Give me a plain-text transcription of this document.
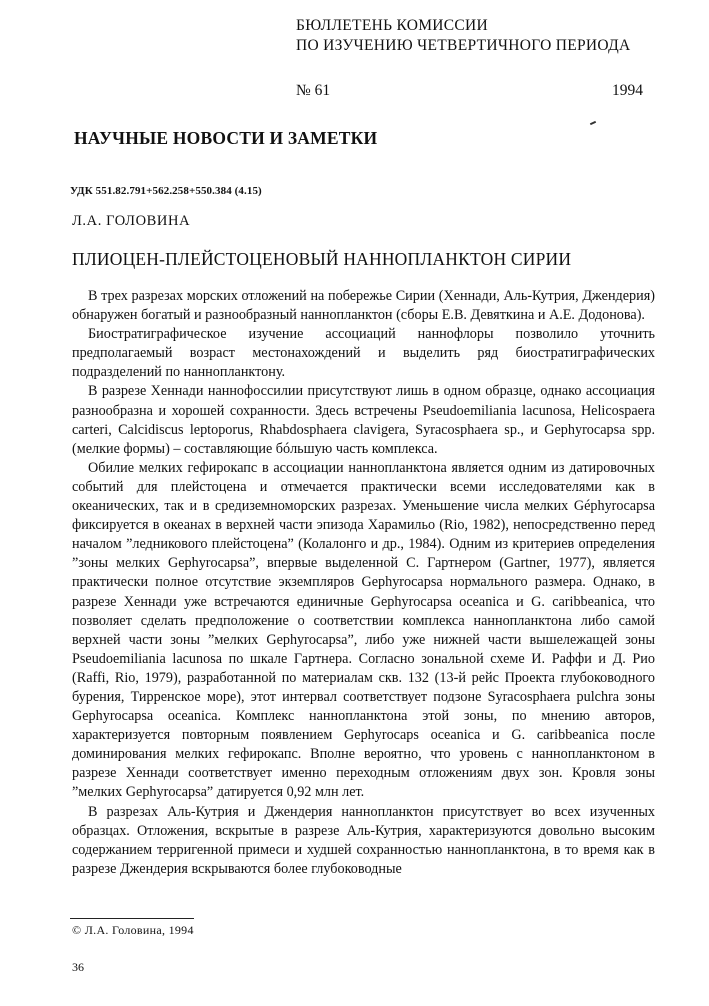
БЮЛЛЕТЕНЬ КОМИССИИ
ПО ИЗУЧЕНИЮ ЧЕТВЕРТИЧНОГО ПЕРИОДА
№ 61	1994
НАУЧНЫЕ НОВОСТИ И ЗАМЕТКИ
УДК 551.82.791+562.258+550.384 (4.15)
Л.А. ГОЛОВИНА
ПЛИОЦЕН-ПЛЕЙСТОЦЕНОВЫЙ НАННОПЛАНКТОН СИРИИ

В трех разрезах морских отложений на побережье Сирии (Хеннади, Аль-Кутрия, Джендерия) обнаружен богатый и разнообразный наннопланктон (сборы Е.В. Девяткина и А.Е. Додонова).

Биостратиграфическое изучение ассоциаций наннофлоры позволило уточнить предполагаемый возраст местонахождений и выделить ряд биостратиграфических подразделений по наннопланктону.

В разрезе Хеннади наннофоссилии присутствуют лишь в одном образце, однако ассоциация разнообразна и хорошей сохранности. Здесь встречены Pseudoemiliania lacunosa, Helicospaera carteri, Calcidiscus leptoporus, Rhabdosphaera clavigera, Syracosphaera sp., и Gephyrocapsa spp. (мелкие формы) – составляющие бóльшую часть комплекса.

Обилие мелких гефирокапс в ассоциации наннопланктона является одним из датировочных событий для плейстоцена и отмечается практически всеми исследователями как в океанических, так и в средиземноморских разрезах. Уменьшение числа мелких Géphyrocapsa фиксируется в океанах в верхней части эпизода Харамильо (Rio, 1982), непосредственно перед началом ”ледникового плейстоцена” (Колалонго и др., 1984). Одним из критериев определения ”зоны мелких Gephyrocapsa”, впервые выделенной С. Гартнером (Gartner, 1977), является практически полное отсутствие экземпляров Gephyrocapsa нормального размера. Однако, в разрезе Хеннади уже встречаются единичные Gephyrocapsa oceanica и G. caribbeanica, что позволяет сделать предположение о соответствии комплекса наннопланктона либо самой верхней части зоны ”мелких Gephyrocapsa”, либо уже нижней части вышележащей зоны Pseudoemiliania lacunosa по шкале Гартнера. Согласно зональной схеме И. Раффи и Д. Рио (Raffi, Rio, 1979), разработанной по материалам скв. 132 (13-й рейс Проекта глубоководного бурения, Тирренское море), этот интервал соответствует подзоне Syracosphaera pulchra зоны Gephyrocapsa oceanica. Комплекс наннопланктона этой зоны, по мнению авторов, характеризуется повторным появлением Gephyrocaps oceanica и G. caribbeanica после доминирования мелких гефирокапс. Вполне вероятно, что уровень с наннопланктоном в разрезе Хеннади соответствует именно переходным отложениям двух зон. Кровля зоны ”мелких Gephyrocapsa” датируется 0,92 млн лет.

В разрезах Аль-Кутрия и Джендерия наннопланктон присутствует во всех изученных образцах. Отложения, вскрытые в разрезе Аль-Кутрия, характеризуются довольно высоким содержанием терригенной примеси и худшей сохранностью наннопланктона, в то время как в разрезе Джендерия вскрываются более глубоководные

© Л.А. Головина, 1994
36
